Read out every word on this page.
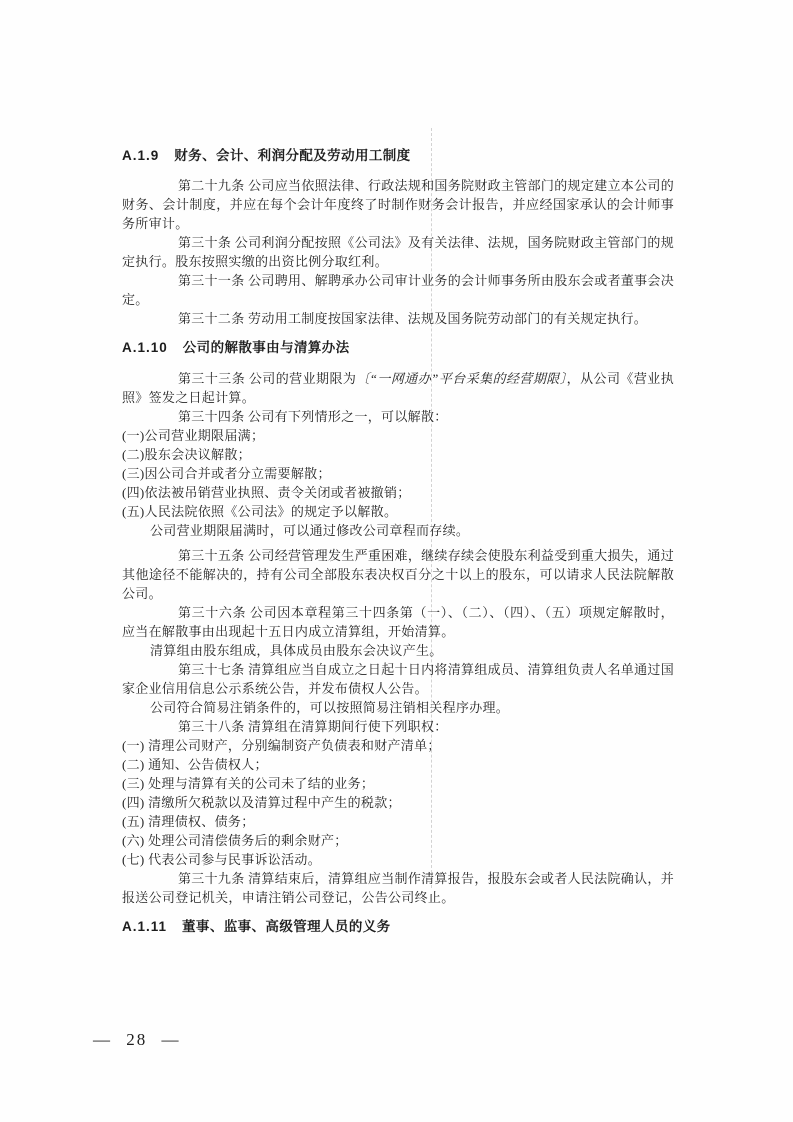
A.1.9 财务、会计、利润分配及劳动用工制度

第二十九条 公司应当依照法律、行政法规和国务院财政主管部门的规定建立本公司的财务、会计制度，并应在每个会计年度终了时制作财务会计报告，并应经国家承认的会计师事务所审计。

第三十条 公司利润分配按照《公司法》及有关法律、法规，国务院财政主管部门的规定执行。股东按照实缴的出资比例分取红利。

第三十一条 公司聘用、解聘承办公司审计业务的会计师事务所由股东会或者董事会决定。

第三十二条 劳动用工制度按国家法律、法规及国务院劳动部门的有关规定执行。

A.1.10 公司的解散事由与清算办法

第三十三条 公司的营业期限为〔“一网通办”平台采集的经营期限〕，从公司《营业执照》签发之日起计算。

第三十四条 公司有下列情形之一，可以解散：

(一)公司营业期限届满；
(二)股东会决议解散；
(三)因公司合并或者分立需要解散；
(四)依法被吊销营业执照、责令关闭或者被撤销；
(五)人民法院依照《公司法》的规定予以解散。

公司营业期限届满时，可以通过修改公司章程而存续。

第三十五条 公司经营管理发生严重困难，继续存续会使股东利益受到重大损失，通过其他途径不能解决的，持有公司全部股东表决权百分之十以上的股东，可以请求人民法院解散公司。

第三十六条 公司因本章程第三十四条第（一）、（二）、（四）、（五）项规定解散时，应当在解散事由出现起十五日内成立清算组，开始清算。

清算组由股东组成，具体成员由股东会决议产生。

第三十七条 清算组应当自成立之日起十日内将清算组成员、清算组负责人名单通过国家企业信用信息公示系统公告，并发布债权人公告。

公司符合简易注销条件的，可以按照简易注销相关程序办理。

第三十八条 清算组在清算期间行使下列职权：

(一) 清理公司财产，分别编制资产负债表和财产清单；
(二) 通知、公告债权人；
(三) 处理与清算有关的公司未了结的业务；
(四) 清缴所欠税款以及清算过程中产生的税款；
(五) 清理债权、债务；
(六) 处理公司清偿债务后的剩余财产；
(七) 代表公司参与民事诉讼活动。

第三十九条 清算结束后，清算组应当制作清算报告，报股东会或者人民法院确认，并报送公司登记机关，申请注销公司登记，公告公司终止。

A.1.11 董事、监事、高级管理人员的义务
— 28 —
